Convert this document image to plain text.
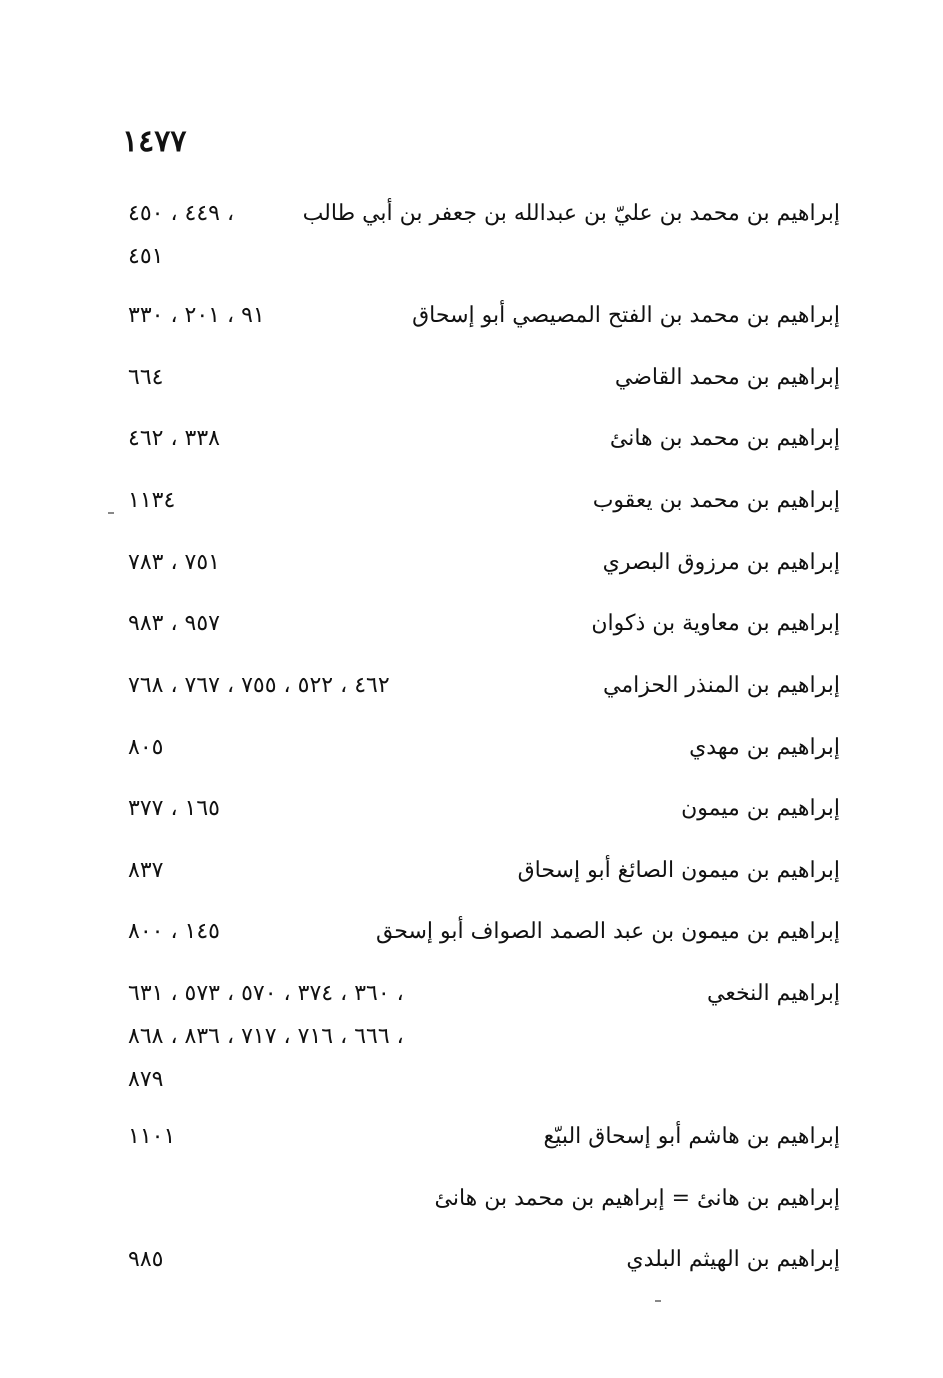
١٤٧٧
إبراهيم بن محمد بن عليّ بن عبدالله بن جعفر بن أبي طالب
٤٤٩ ، ٤٥٠ ،
٤٥١
إبراهيم بن محمد بن الفتح المصيصي أبو إسحاق
٩١ ، ٢٠١ ، ٣٣٠
إبراهيم بن محمد القاضي
٦٦٤
إبراهيم بن محمد بن هانئ
٣٣٨ ، ٤٦٢
إبراهيم بن محمد بن يعقوب
١١٣٤
إبراهيم بن مرزوق البصري
٧٥١ ، ٧٨٣
إبراهيم بن معاوية بن ذكوان
٩٥٧ ، ٩٨٣
إبراهيم بن المنذر الحزامي
٤٦٢ ، ٥٢٢ ، ٧٥٥ ، ٧٦٧ ، ٧٦٨
إبراهيم بن مهدي
٨٠٥
إبراهيم بن ميمون
١٦٥ ، ٣٧٧
إبراهيم بن ميمون الصائغ أبو إسحاق
٨٣٧
إبراهيم بن ميمون بن عبد الصمد الصواف أبو إسحق
١٤٥ ، ٨٠٠
إبراهيم النخعي
٣٦٠ ، ٣٧٤ ، ٥٧٠ ، ٥٧٣ ، ٦٣١ ،
٦٦٦ ، ٧١٦ ، ٧١٧ ، ٨٣٦ ، ٨٦٨ ،
٨٧٩
إبراهيم بن هاشم أبو إسحاق البيّع
١١٠١
إبراهيم بن هانئ = إبراهيم بن محمد بن هانئ
إبراهيم بن الهيثم البلدي
٩٨٥
